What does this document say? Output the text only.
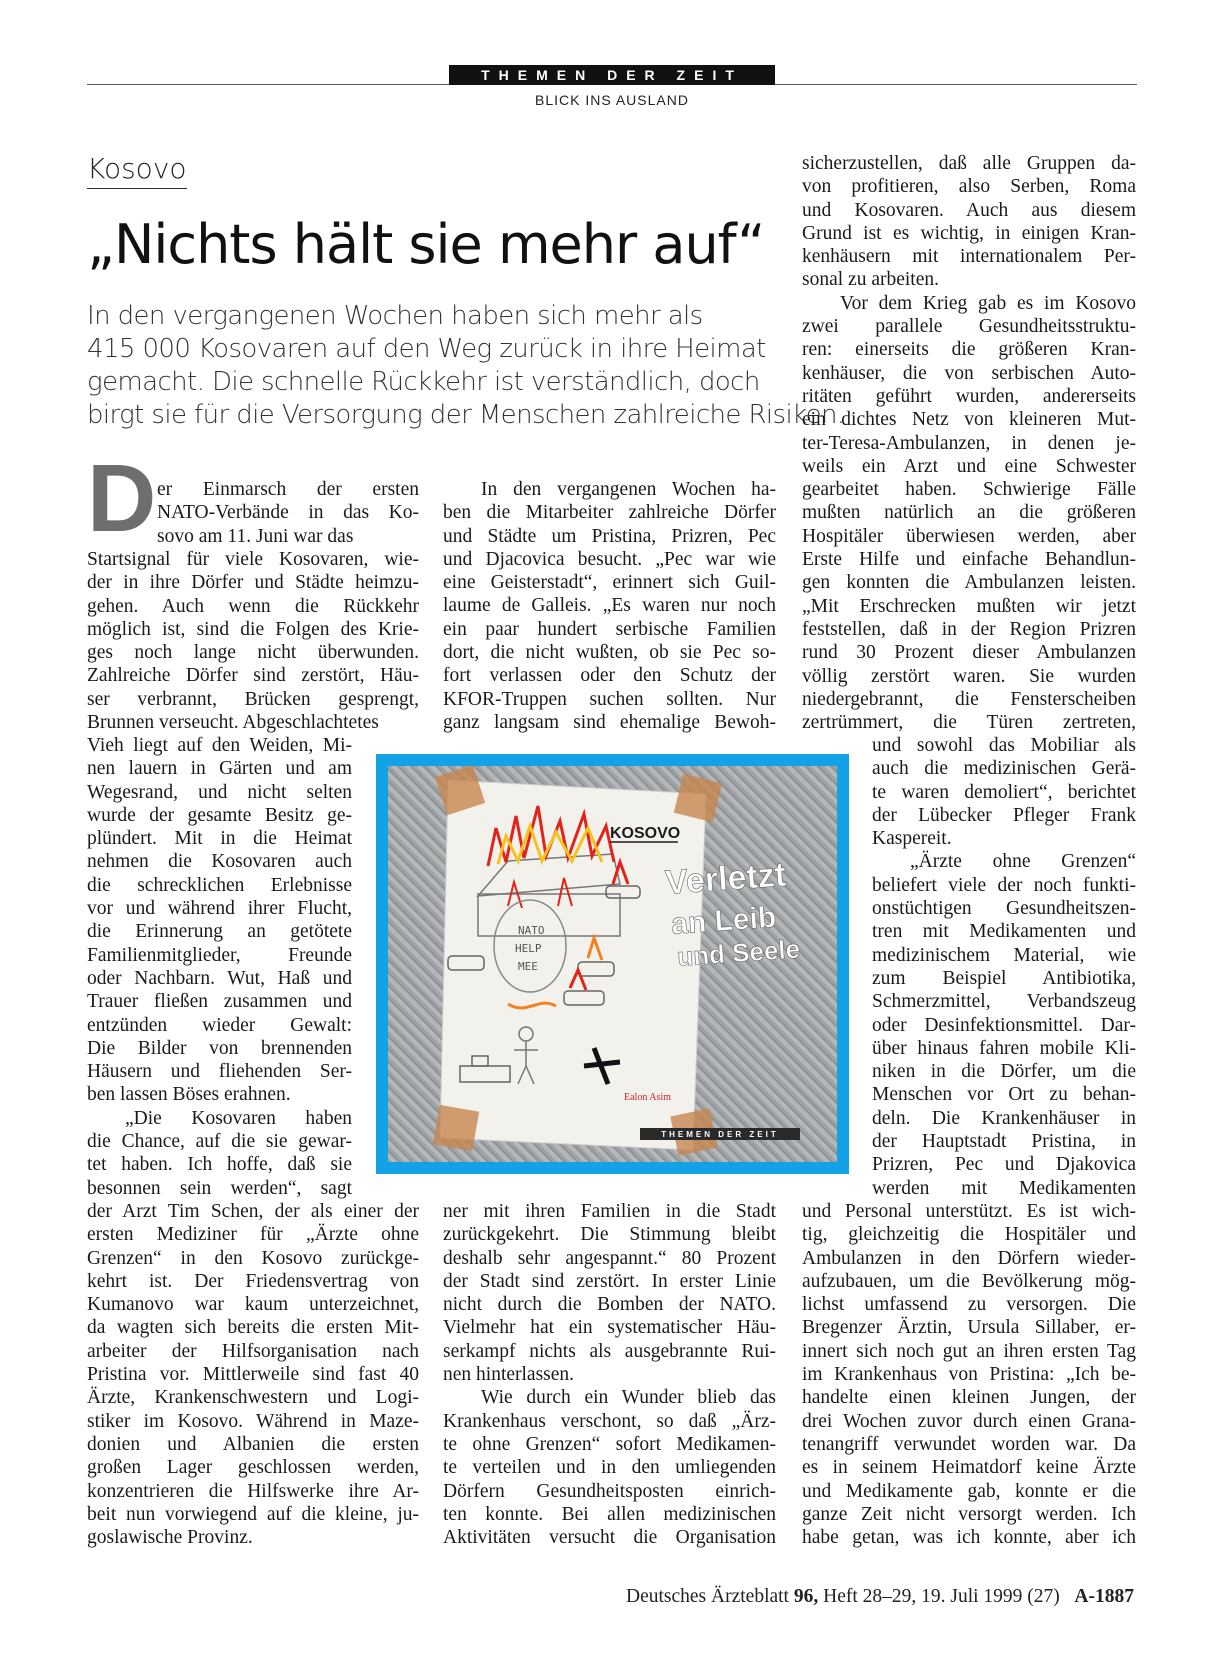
THEMEN DER ZEIT
BLICK INS AUSLAND
Kosovo
„Nichts hält sie mehr auf“
In den vergangenen Wochen haben sich mehr als
415 000 Kosovaren auf den Weg zurück in ihre Heimat
gemacht. Die schnelle Rückkehr ist verständlich, doch
birgt sie für die Versorgung der Menschen zahlreiche Risiken.
D er Einmarsch der ersten
NATO-Verbände in das Ko-
sovo am 11. Juni war das
Startsignal für viele Kosovaren, wie-
der in ihre Dörfer und Städte heimzu-
gehen. Auch wenn die Rückkehr
möglich ist, sind die Folgen des Krie-
ges noch lange nicht überwunden.
Zahlreiche Dörfer sind zerstört, Häu-
ser verbrannt, Brücken gesprengt,
Brunnen verseucht. Abgeschlachtetes
Vieh liegt auf den Weiden, Mi-
nen lauern in Gärten und am
Wegesrand, und nicht selten
wurde der gesamte Besitz ge-
plündert. Mit in die Heimat
nehmen die Kosovaren auch
die schrecklichen Erlebnisse
vor und während ihrer Flucht,
die Erinnerung an getötete
Familienmitglieder, Freunde
oder Nachbarn. Wut, Haß und
Trauer fließen zusammen und
entzünden wieder Gewalt:
Die Bilder von brennenden
Häusern und fliehenden Ser-
ben lassen Böses erahnen.
„Die Kosovaren haben
die Chance, auf die sie gewar-
tet haben. Ich hoffe, daß sie
besonnen sein werden“, sagt
der Arzt Tim Schen, der als einer der
ersten Mediziner für „Ärzte ohne
Grenzen“ in den Kosovo zurückge-
kehrt ist. Der Friedensvertrag von
Kumanovo war kaum unterzeichnet,
da wagten sich bereits die ersten Mit-
arbeiter der Hilfsorganisation nach
Pristina vor. Mittlerweile sind fast 40
Ärzte, Krankenschwestern und Logi-
stiker im Kosovo. Während in Maze-
donien und Albanien die ersten
großen Lager geschlossen werden,
konzentrieren die Hilfswerke ihre Ar-
beit nun vorwiegend auf die kleine, ju-
goslawische Provinz.
In den vergangenen Wochen ha-
ben die Mitarbeiter zahlreiche Dörfer
und Städte um Pristina, Prizren, Pec
und Djacovica besucht. „Pec war wie
eine Geisterstadt“, erinnert sich Guil-
laume de Galleis. „Es waren nur noch
ein paar hundert serbische Familien
dort, die nicht wußten, ob sie Pec so-
fort verlassen oder den Schutz der
KFOR-Truppen suchen sollten. Nur
ganz langsam sind ehemalige Bewoh-
ner mit ihren Familien in die Stadt
zurückgekehrt. Die Stimmung bleibt
deshalb sehr angespannt.“ 80 Prozent
der Stadt sind zerstört. In erster Linie
nicht durch die Bomben der NATO.
Vielmehr hat ein systematischer Häu-
serkampf nichts als ausgebrannte Rui-
nen hinterlassen.
Wie durch ein Wunder blieb das
Krankenhaus verschont, so daß „Ärz-
te ohne Grenzen“ sofort Medikamen-
te verteilen und in den umliegenden
Dörfern Gesundheitsposten einrich-
ten konnte. Bei allen medizinischen
Aktivitäten versucht die Organisation
sicherzustellen, daß alle Gruppen da-
von profitieren, also Serben, Roma
und Kosovaren. Auch aus diesem
Grund ist es wichtig, in einigen Kran-
kenhäusern mit internationalem Per-
sonal zu arbeiten.
Vor dem Krieg gab es im Kosovo
zwei parallele Gesundheitsstruktu-
ren: einerseits die größeren Kran-
kenhäuser, die von serbischen Auto-
ritäten geführt wurden, andererseits
ein dichtes Netz von kleineren Mut-
ter-Teresa-Ambulanzen, in denen je-
weils ein Arzt und eine Schwester
gearbeitet haben. Schwierige Fälle
mußten natürlich an die größeren
Hospitäler überwiesen werden, aber
Erste Hilfe und einfache Behandlun-
gen konnten die Ambulanzen leisten.
„Mit Erschrecken mußten wir jetzt
feststellen, daß in der Region Prizren
rund 30 Prozent dieser Ambulanzen
völlig zerstört waren. Sie wurden
niedergebrannt, die Fensterscheiben
zertrümmert, die Türen zertreten,
und sowohl das Mobiliar als
auch die medizinischen Gerä-
te waren demoliert“, berichtet
der Lübecker Pfleger Frank
Kaspereit.
„Ärzte ohne Grenzen“
beliefert viele der noch funkti-
onstüchtigen Gesundheitszen-
tren mit Medikamenten und
medizinischem Material, wie
zum Beispiel Antibiotika,
Schmerzmittel, Verbandszeug
oder Desinfektionsmittel. Dar-
über hinaus fahren mobile Kli-
niken in die Dörfer, um die
Menschen vor Ort zu behan-
deln. Die Krankenhäuser in
der Hauptstadt Pristina, in
Prizren, Pec und Djakovica
werden mit Medikamenten
und Personal unterstützt. Es ist wich-
tig, gleichzeitig die Hospitäler und
Ambulanzen in den Dörfern wieder-
aufzubauen, um die Bevölkerung mög-
lichst umfassend zu versorgen. Die
Bregenzer Ärztin, Ursula Sillaber, er-
innert sich noch gut an ihren ersten Tag
im Krankenhaus von Pristina: „Ich be-
handelte einen kleinen Jungen, der
drei Wochen zuvor durch einen Grana-
tenangriff verwundet worden war. Da
es in seinem Heimatdorf keine Ärzte
und Medikamente gab, konnte er die
ganze Zeit nicht versorgt werden. Ich
habe getan, was ich konnte, aber ich
NATO
HELP
MEE
Ealon Asim
KOSOVO
Verletzt
an Leib
und Seele
THEMEN DER ZEIT
Deutsches Ärzteblatt 96, Heft 28–29, 19. Juli 1999 (27) A-1887
